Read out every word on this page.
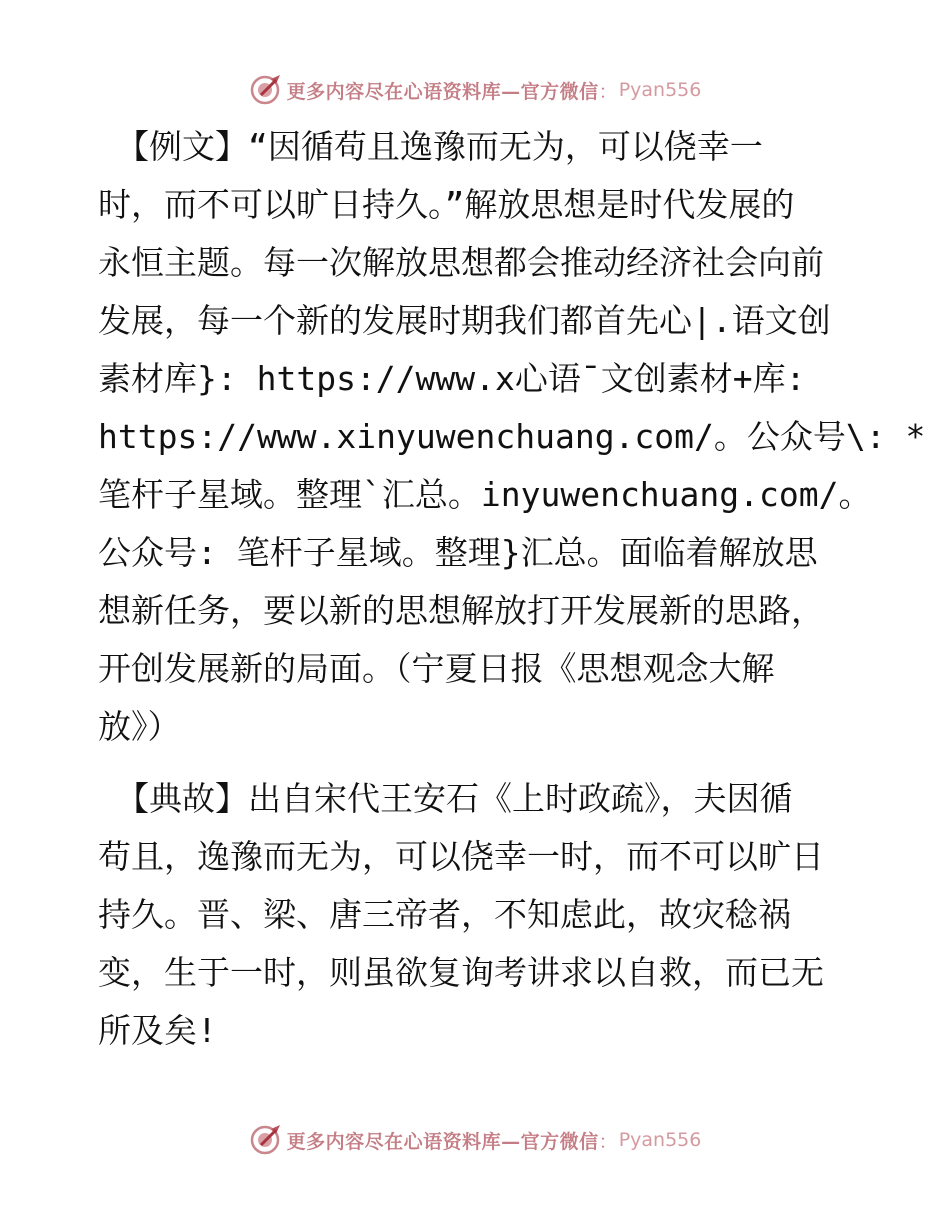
更多内容尽在心语资料库—官方微信 ： Pyan556
【例文】“因循苟且逸豫而无为，可以侥幸一
时，而不可以旷日持久。”解放思想是时代发展的
永恒主题。每一次解放思想都会推动经济社会向前
发展，每一个新的发展时期我们都首先心|.语文创
素材库}: https://www.x心语¯文创素材+库:
https://www.xinyuwenchuang.com/。公众号\: *
笔杆子星域。整理`汇总。inyuwenchuang.com/。
公众号: 笔杆子星域。整理}汇总。面临着解放思
想新任务，要以新的思想解放打开发展新的思路，
开创发展新的局面。（宁夏日报《思想观念大解
放》）
【典故】出自宋代王安石《上时政疏》，夫因循
苟且，逸豫而无为，可以侥幸一时，而不可以旷日
持久。晋、梁、唐三帝者，不知虑此，故灾稔祸
变，生于一时，则虽欲复询考讲求以自救，而已无
所及矣!
更多内容尽在心语资料库—官方微信 ： Pyan556
